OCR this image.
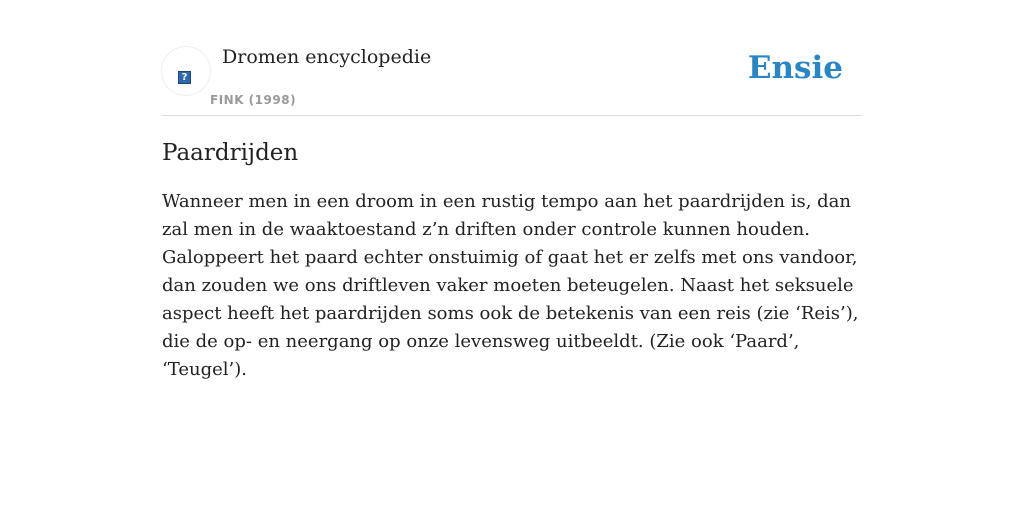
?
Dromen encyclopedie
FINK (1998)
Ensie
Paardrijden

Wanneer men in een droom in een rustig tempo aan het paardrijden is, dan zal men in de waaktoestand z’n driften onder controle kunnen houden. Galoppeert het paard echter onstuimig of gaat het er zelfs met ons vandoor, dan zouden we ons driftleven vaker moeten beteugelen. Naast het seksuele aspect heeft het paardrijden soms ook de betekenis van een reis (zie ‘Reis’), die de op- en neergang op onze levensweg uitbeeldt. (Zie ook ‘Paard’, ‘Teugel’).
